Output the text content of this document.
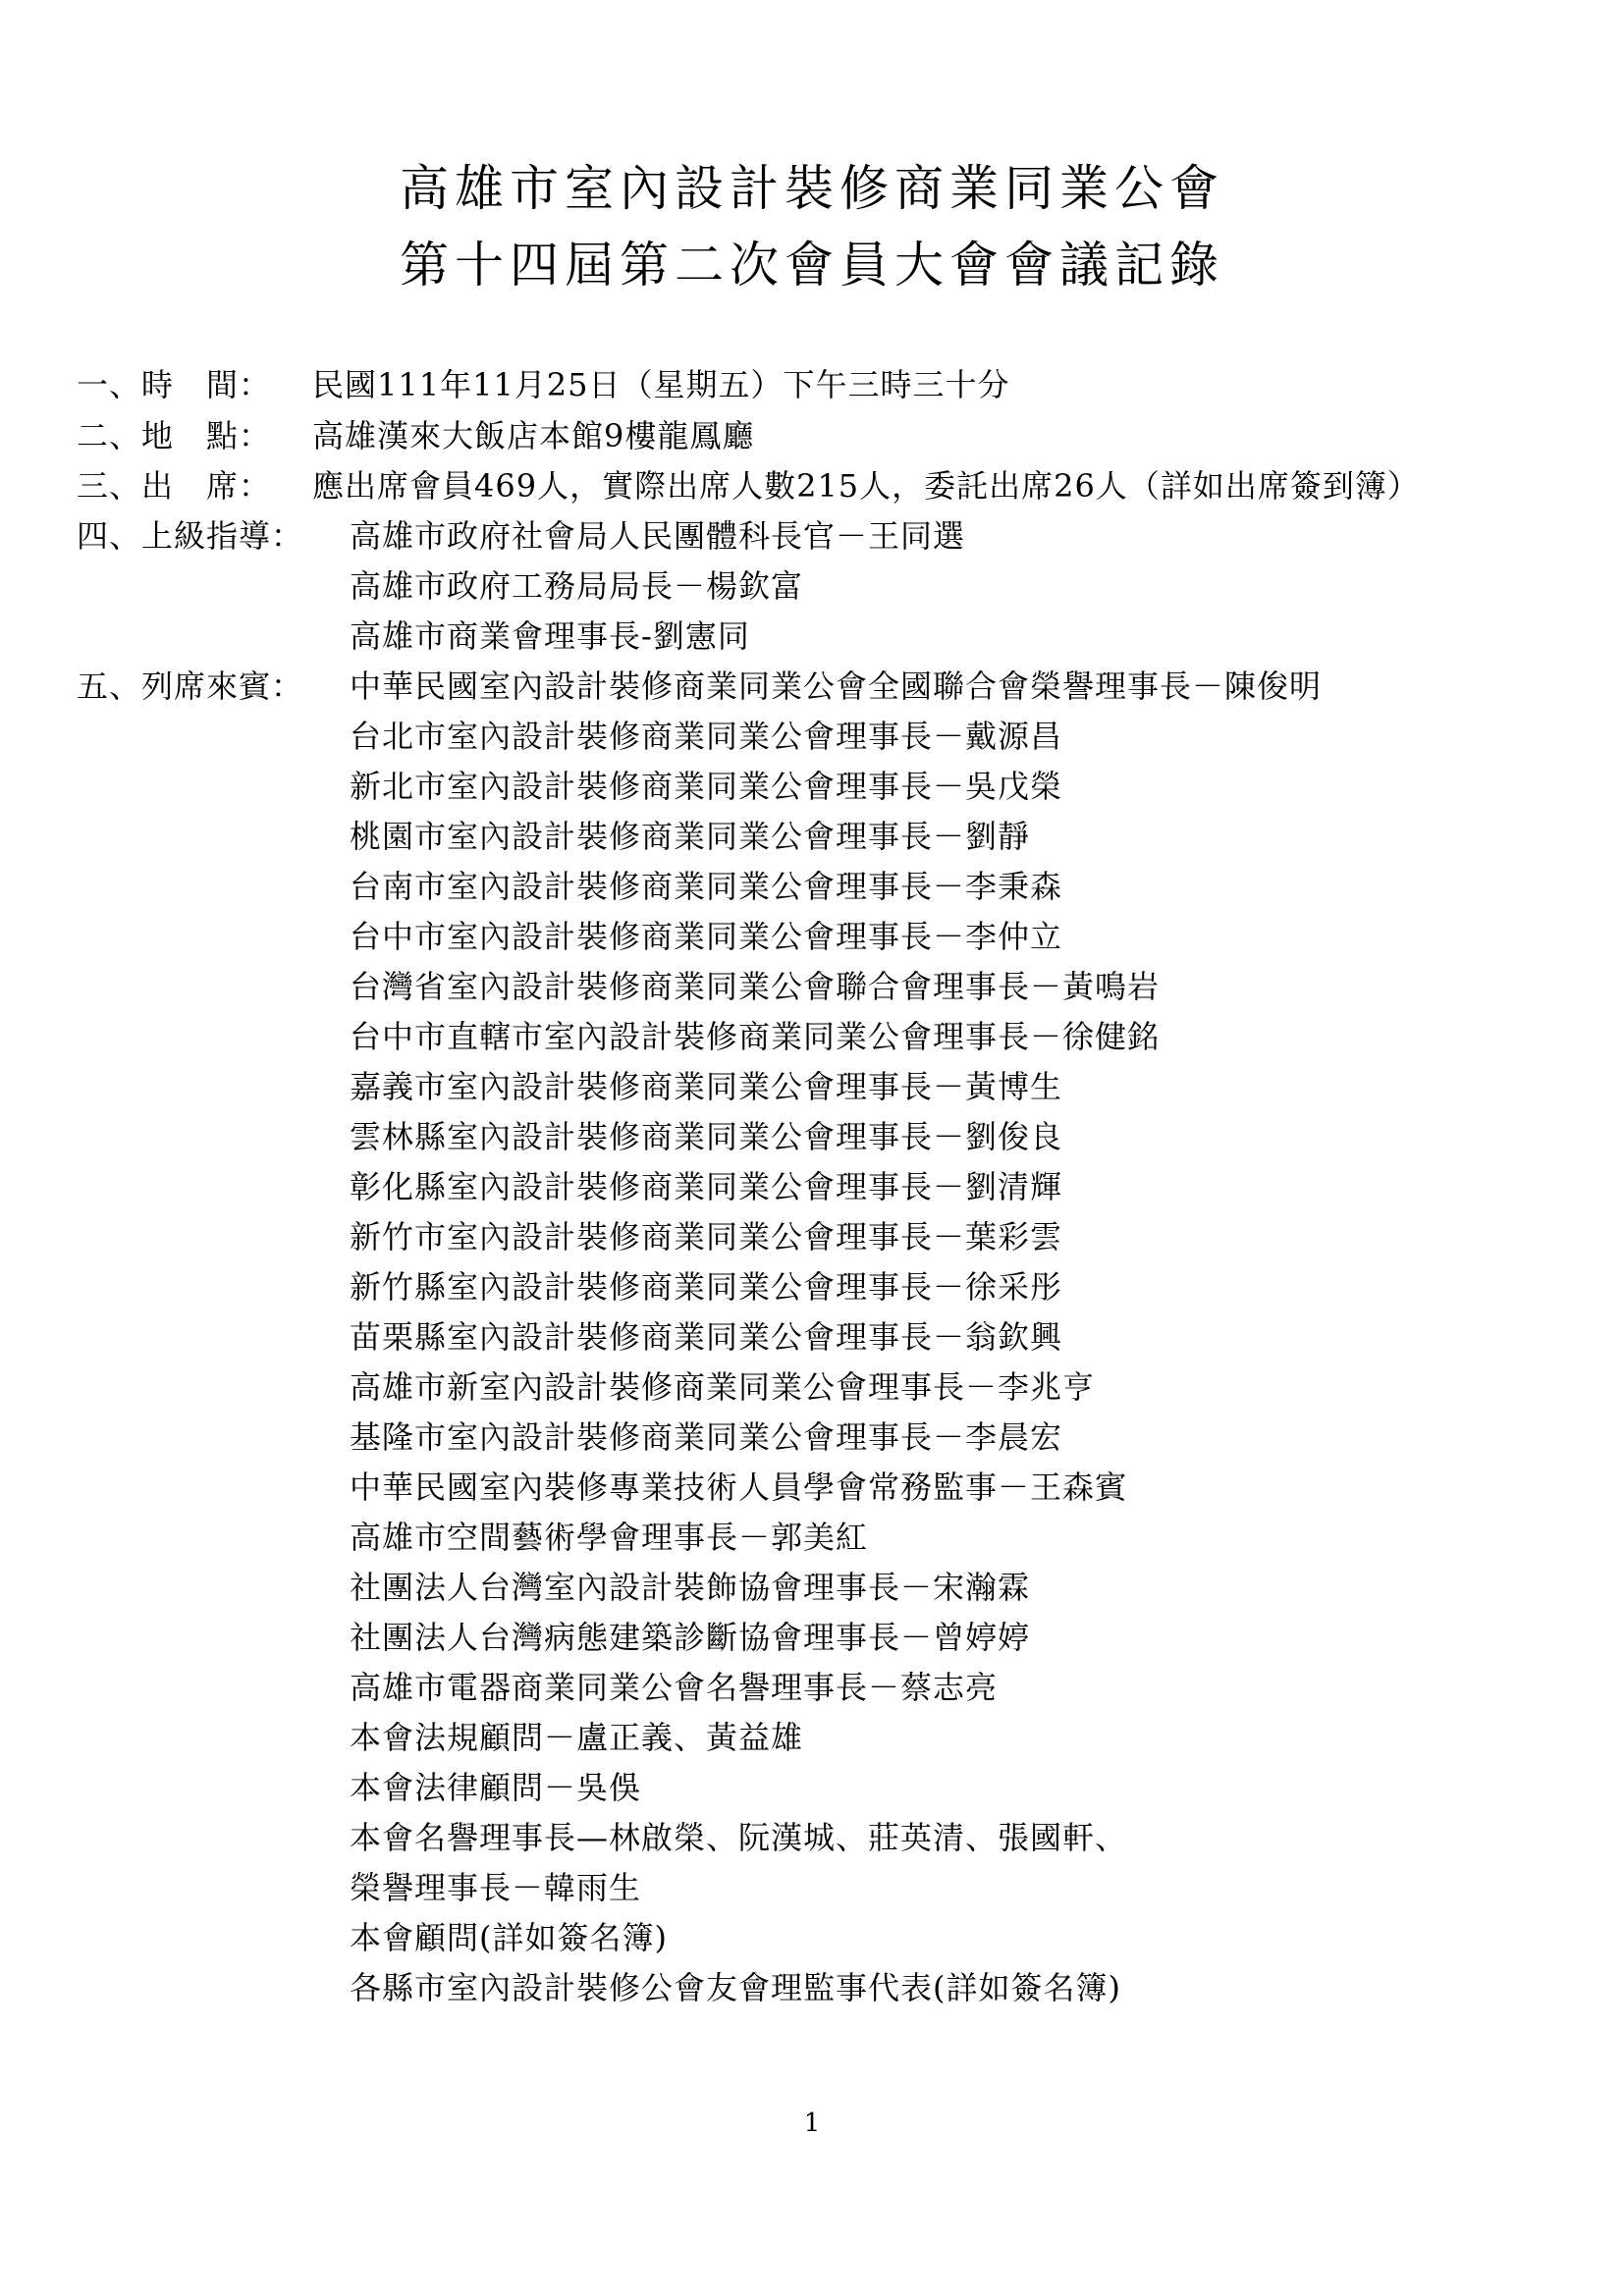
高雄市室內設計裝修商業同業公會
第十四屆第二次會員大會會議記錄
一、時　間： 民國111年11月25日（星期五）下午三時三十分
二、地　點： 高雄漢來大飯店本館9樓龍鳳廳
三、出　席： 應出席會員469人，實際出席人數215人，委託出席26人（詳如出席簽到簿）
四、上級指導： 高雄市政府社會局人民團體科長官－王同選
高雄市政府工務局局長－楊欽富
高雄市商業會理事長-劉憲同
五、列席來賓： 中華民國室內設計裝修商業同業公會全國聯合會榮譽理事長－陳俊明
台北市室內設計裝修商業同業公會理事長－戴源昌
新北市室內設計裝修商業同業公會理事長－吳戊榮
桃園市室內設計裝修商業同業公會理事長－劉靜
台南市室內設計裝修商業同業公會理事長－李秉森
台中市室內設計裝修商業同業公會理事長－李仲立
台灣省室內設計裝修商業同業公會聯合會理事長－黃鳴岩
台中市直轄市室內設計裝修商業同業公會理事長－徐健銘
嘉義市室內設計裝修商業同業公會理事長－黃博生
雲林縣室內設計裝修商業同業公會理事長－劉俊良
彰化縣室內設計裝修商業同業公會理事長－劉清輝
新竹市室內設計裝修商業同業公會理事長－葉彩雲
新竹縣室內設計裝修商業同業公會理事長－徐采彤
苗栗縣室內設計裝修商業同業公會理事長－翁欽興
高雄市新室內設計裝修商業同業公會理事長－李兆亨
基隆市室內設計裝修商業同業公會理事長－李晨宏
中華民國室內裝修專業技術人員學會常務監事－王森賓
高雄市空間藝術學會理事長－郭美紅
社團法人台灣室內設計裝飾協會理事長－宋瀚霖
社團法人台灣病態建築診斷協會理事長－曾婷婷
高雄市電器商業同業公會名譽理事長－蔡志亮
本會法規顧問－盧正義、黃益雄
本會法律顧問－吳俁
本會名譽理事長—林啟榮、阮漢城、莊英清、張國軒、
榮譽理事長－韓雨生
本會顧問(詳如簽名簿)
各縣市室內設計裝修公會友會理監事代表(詳如簽名簿)
1
